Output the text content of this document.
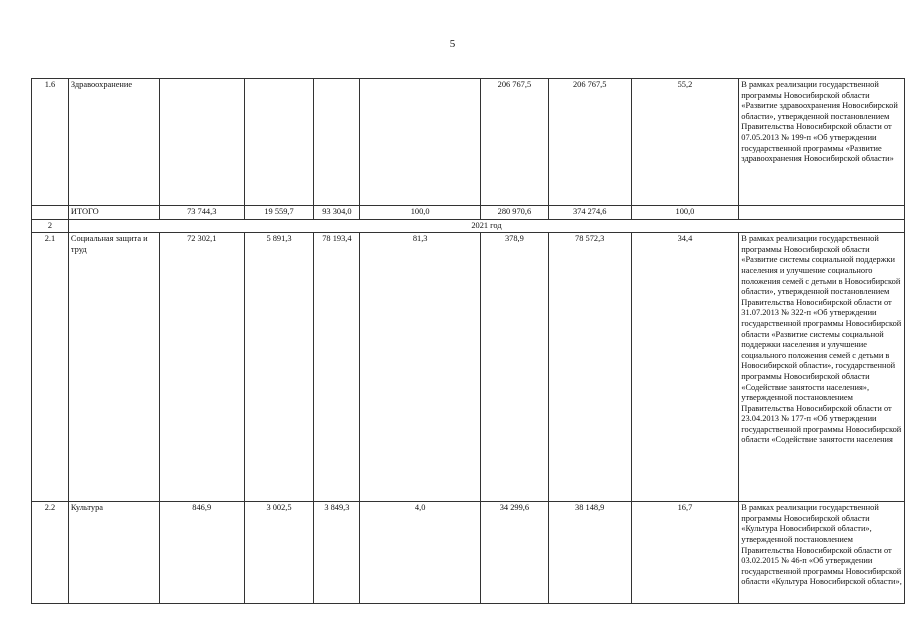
5
1.6	Здравоохранение					206 767,5	206 767,5	55,2	В рамках реализации государственной программы Новосибирской области «Развитие здравоохранения Новосибирской области», утвержденной постановлением Правительства Новосибирской области от 07.05.2013 № 199-п «Об утверждении государственной программы «Развитие здравоохранения Новосибирской области»
	ИТОГО	73 744,3	19 559,7	93 304,0	100,0	280 970,6	374 274,6	100,0	
2	2021 год								
2.1	Социальная защита и труд	72 302,1	5 891,3	78 193,4	81,3	378,9	78 572,3	34,4	В рамках реализации государственной программы Новосибирской области «Развитие системы социальной поддержки населения и улучшение социального положения семей с детьми в Новосибирской области», утвержденной постановлением Правительства Новосибирской области от 31.07.2013 № 322-п «Об утверждении государственной программы Новосибирской области «Развитие системы социальной поддержки населения и улучшение социального положения семей с детьми в Новосибирской области», государственной программы Новосибирской области «Содействие занятости населения», утвержденной постановлением Правительства Новосибирской области от 23.04.2013 № 177-п «Об утверждении государственной программы Новосибирской области «Содействие занятости населения
2.2	Культура	846,9	3 002,5	3 849,3	4,0	34 299,6	38 148,9	16,7	В рамках реализации государственной программы Новосибирской области «Культура Новосибирской области», утвержденной постановлением Правительства Новосибирской области от 03.02.2015 № 46-п «Об утверждении государственной программы Новосибирской области «Культура Новосибирской области»,
